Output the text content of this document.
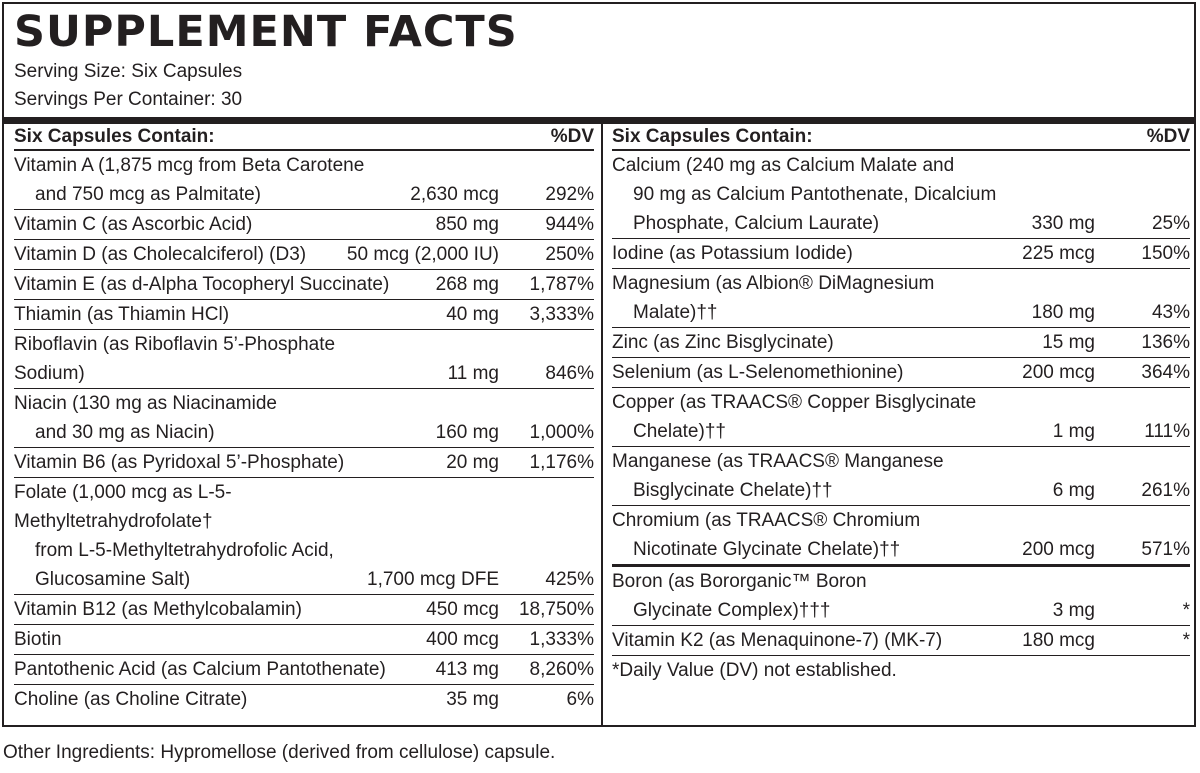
SUPPLEMENT FACTS
Serving Size: Six Capsules
Servings Per Container: 30
Six Capsules Contain:	%DV
Vitamin A (1,875 mcg from Beta Carotene
and 750 mcg as Palmitate)	2,630 mcg 292%
Vitamin C (as Ascorbic Acid)	850 mg 944%
Vitamin D (as Cholecalciferol) (D3)	50 mcg (2,000 IU) 250%
Vitamin E (as d-Alpha Tocopheryl Succinate)	268 mg 1,787%
Thiamin (as Thiamin HCl)	40 mg 3,333%
Riboflavin (as Riboflavin 5’-Phosphate Sodium)	11 mg 846%
Niacin (130 mg as Niacinamide
and 30 mg as Niacin)	160 mg 1,000%
Vitamin B6 (as Pyridoxal 5’-Phosphate)	20 mg 1,176%
Folate (1,000 mcg as L-5-Methyltetrahydrofolate†
from L-5-Methyltetrahydrofolic Acid,
Glucosamine Salt)	1,700 mcg DFE 425%
Vitamin B12 (as Methylcobalamin)	450 mcg 18,750%
Biotin	400 mcg 1,333%
Pantothenic Acid (as Calcium Pantothenate)	413 mg 8,260%
Choline (as Choline Citrate)	35 mg	6%
Six Capsules Contain:	%DV
Calcium (240 mg as Calcium Malate and
90 mg as Calcium Pantothenate, Dicalcium
Phosphate, Calcium Laurate)	330 mg	25%
Iodine (as Potassium Iodide)	225 mcg 150%
Magnesium (as Albion® DiMagnesium
Malate)††	180 mg	43%
Zinc (as Zinc Bisglycinate)	15 mg 136%
Selenium (as L-Selenomethionine)	200 mcg 364%
Copper (as TRAACS® Copper Bisglycinate
Chelate)††	1 mg	111%
Manganese (as TRAACS® Manganese
Bisglycinate Chelate)††	6 mg 261%
Chromium (as TRAACS® Chromium
Nicotinate Glycinate Chelate)††	200 mcg 571%
Boron (as Bororganic™ Boron
Glycinate Complex)†††	3 mg	*
Vitamin K2 (as Menaquinone-7) (MK-7)	180 mcg	*
*Daily Value (DV) not established.
Other Ingredients: Hypromellose (derived from cellulose) capsule.
